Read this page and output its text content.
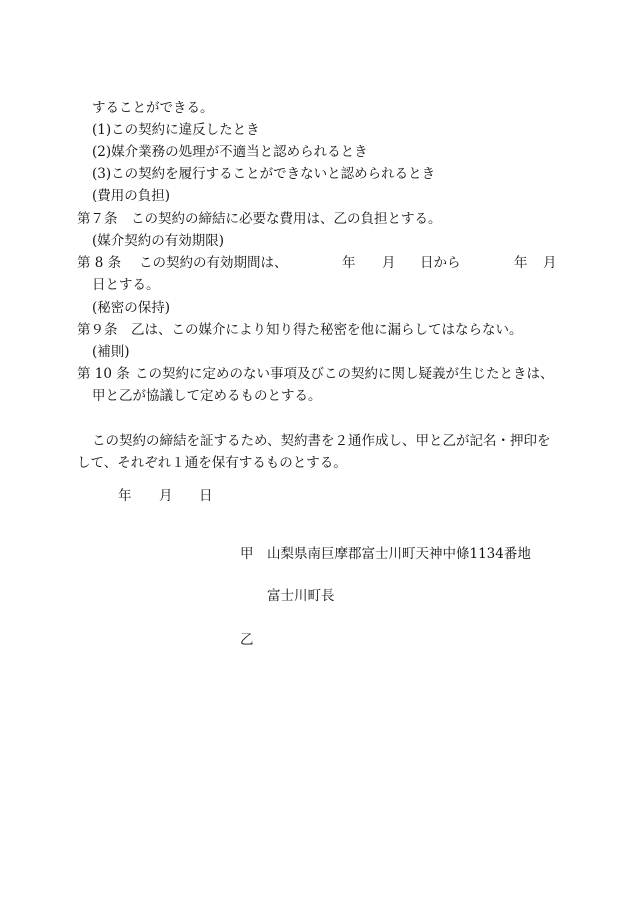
することができる。
(1)この契約に違反したとき
(2)媒介業務の処理が不適当と認められるとき
(3)この契約を履行することができないと認められるとき
(費用の負担)
第７条　この契約の締結に必要な費用は、乙の負担とする。
(媒介契約の有効期限)
第 8 条 この契約の有効期間は、	年 月 日から	年 月
日とする。
(秘密の保持)
第９条　乙は、この媒介により知り得た秘密を他に漏らしてはならない。
(補則)
第 10 条 この契約に定めのない事項及びこの契約に関し疑義が生じたときは、
甲と乙が協議して定めるものとする。
この契約の締結を証するため、契約書を２通作成し、甲と乙が記名・押印を
して、それぞれ１通を保有するものとする。
年 月 日
甲 山梨県南巨摩郡富士川町天神中條1134番地
富士川町長
乙
